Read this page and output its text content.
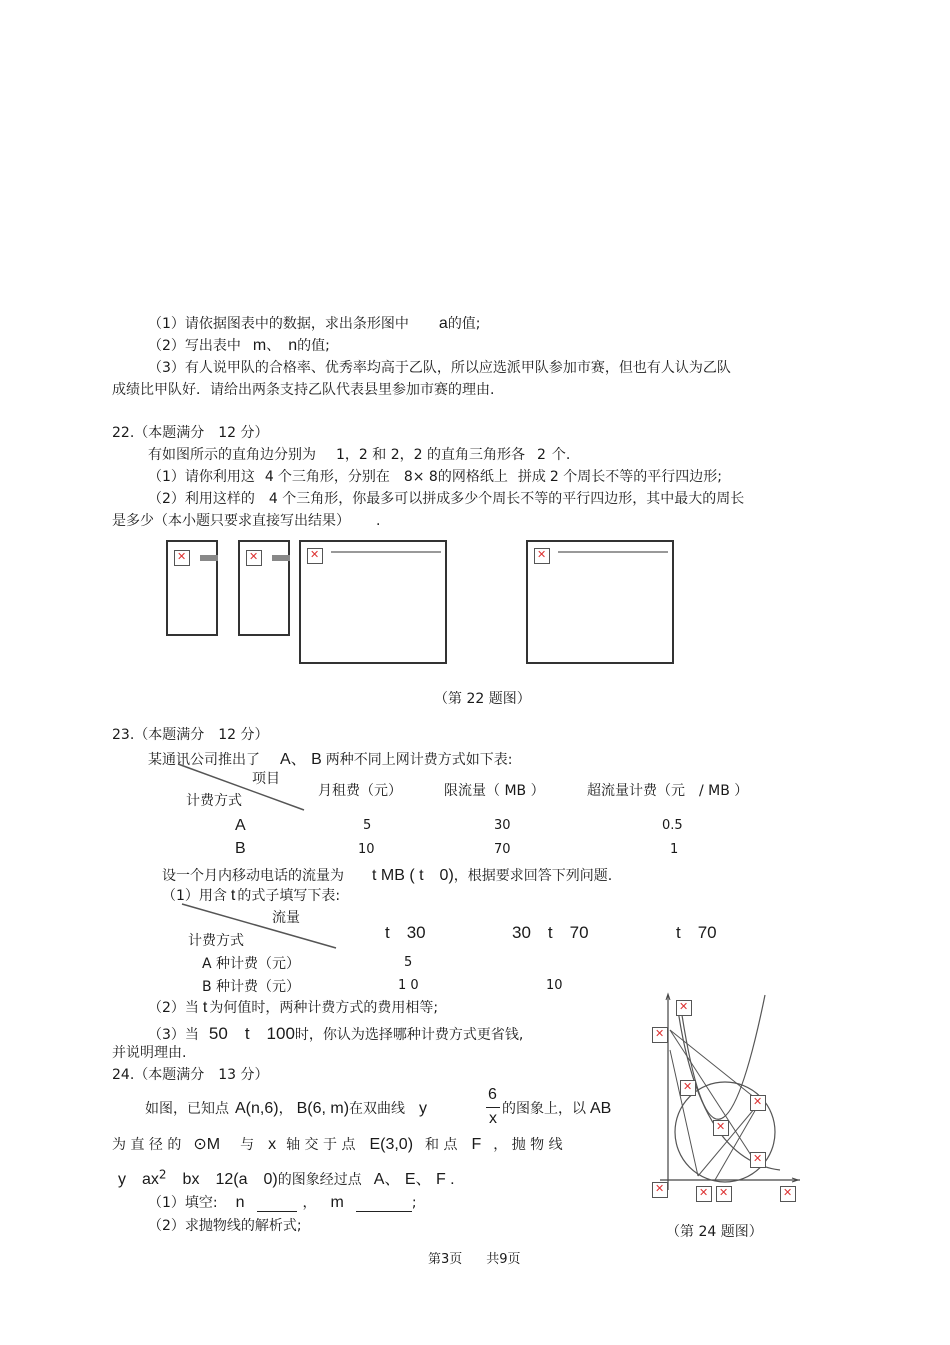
（1）请依据图表中的数据，求出条形图中 a的值;
（2）写出表中 m、 n的值;
（3）有人说甲队的合格率、优秀率均高于乙队，所以应选派甲队参加市赛，但也有人认为乙队
成绩比甲队好．请给出两条支持乙队代表县里参加市赛的理由.
22.（本题满分　12 分）
有如图所示的直角边分别为 1，2 和 2，2 的直角三角形各 2 个.
（1）请你利用这 4 个三角形，分别在 8× 8的网格纸上 拼成 2 个周长不等的平行四边形;
（2）利用这样的　4 个三角形，你最多可以拼成多少个周长不等的平行四边形，其中最大的周长
是多少（本小题只要求直接写出结果） .
✕
✕
✕
✕
（第 22 题图）
23.（本题满分　12 分）
某通讯公司推出了 A、 B 两种不同上网计费方式如下表:
项目
计费方式
月租费（元）	限流量（ MB ）	超流量计费（元　/ MB ）
A	5	30	0.5
B	10	70	1
设一个月内移动电话的流量为 t MB ( t　0)，根据要求回答下列问题.
（1）用含 t 的式子填写下表:
流量
计费方式	t　30	30　t　70	t　70
A 种计费（元）	5
B 种计费（元）	1 0	10
（2）当 t 为何值时，两种计费方式的费用相等;
（3）当 50　t　100时，你认为选择哪种计费方式更省钱,
并说明理由.
24.（本题满分　13 分）
如图，已知点 A(n,6)， B(6, m)在双曲线 y
6
x
的图象上，以 AB
为 直 径 的 ⊙M 与 x 轴 交 于 点 E(3,0) 和 点 F ， 抛 物 线
y　$ax^2$ bx　12(a　0)的图象经过点 A、 E、 F .
（1）填空: n	， m	;
（2）求抛物线的解析式;
✕
✕
✕
✕
✕
✕
✕
✕
✕
✕	（第 24 题图）
第3页 共9页
